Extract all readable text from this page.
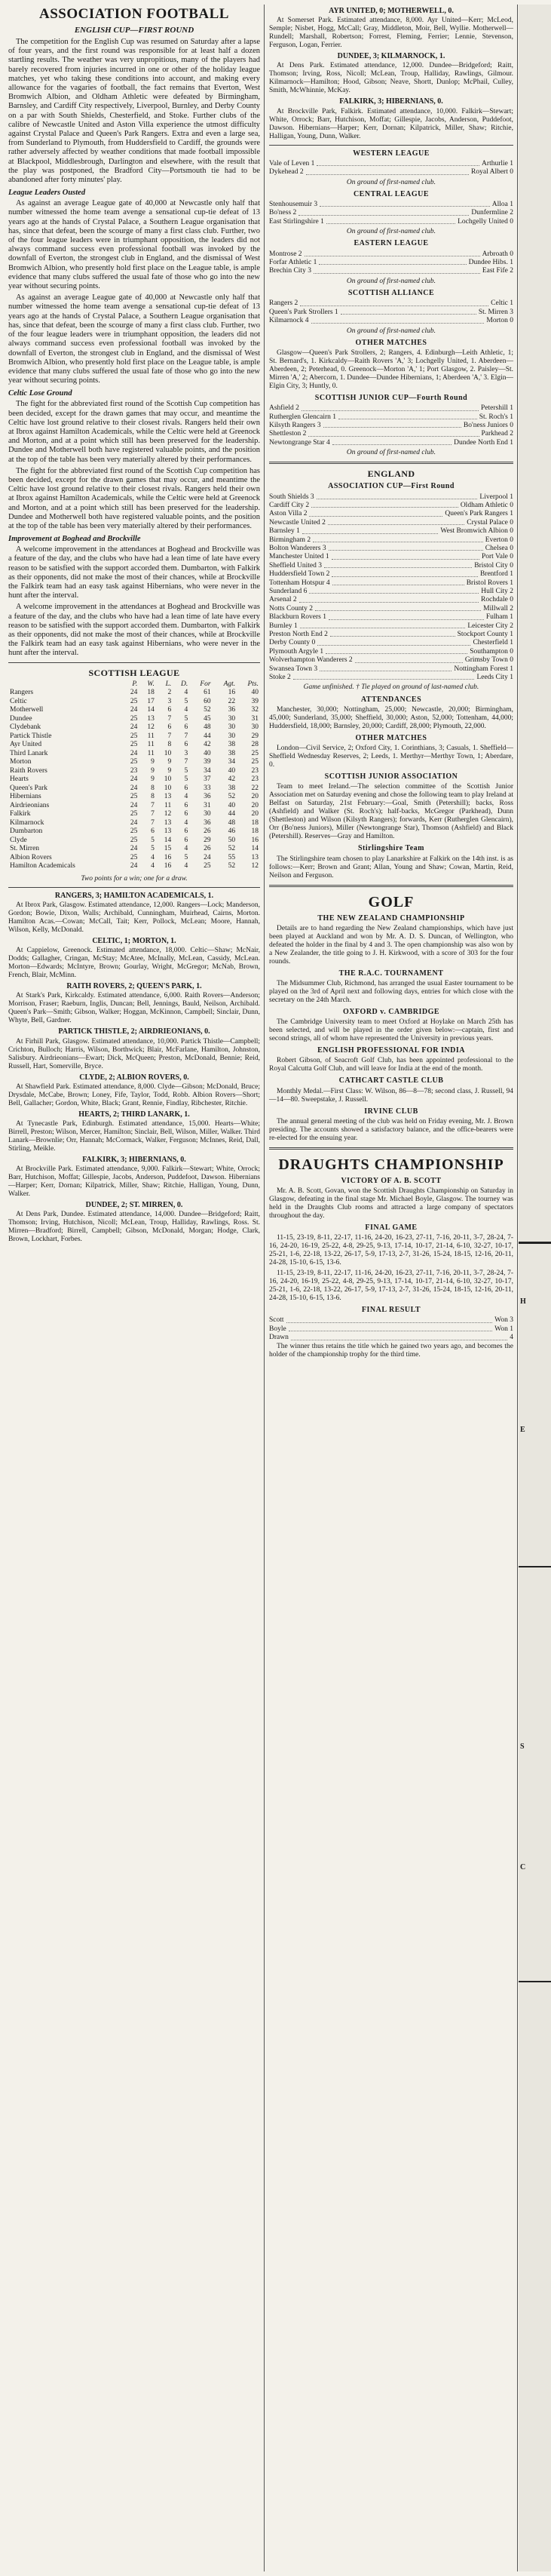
ASSOCIATION FOOTBALL
ENGLISH CUP—FIRST ROUND

The competition for the English Cup was resumed on Saturday after a lapse of four years, and the first round was responsible for at least half a dozen startling results. The weather was very unpropitious, many of the players had barely recovered from injuries incurred in one or other of the holiday league matches, yet who taking these conditions into account, and making every allowance for the vagaries of football, the fact remains that Everton, West Bromwich Albion, and Oldham Athletic were defeated by Birmingham, Barnsley, and Cardiff City respectively, Liverpool, Burnley, and Derby County on a par with South Shields, Chesterfield, and Stoke. Further clubs of the calibre of Newcastle United and Aston Villa experience the utmost difficulty against Crystal Palace and Queen's Park Rangers. Extra and even a large sea, from Sunderland to Plymouth, from Huddersfield to Cardiff, the grounds were rather adversely affected by weather conditions that made football impossible at Blackpool, Middlesbrough, Darlington and elsewhere, with the result that the play was postponed, the Bradford City—Portsmouth tie had to be abandoned after forty minutes' play.

League Leaders Ousted

As against an average League gate of 40,000 at Newcastle only half that number witnessed the home team avenge a sensational cup-tie defeat of 13 years ago at the hands of Crystal Palace, a Southern League organisation that has, since that defeat, been the scourge of many a first class club. Further, two of the four league leaders were in triumphant opposition, the leaders did not always command success even professional football was invoked by the downfall of Everton, the strongest club in England, and the dismissal of West Bromwich Albion, who presently hold first place on the League table, is ample evidence that many clubs suffered the usual fate of those who go into the new year without securing points.

As against an average League gate of 40,000 at Newcastle only half that number witnessed the home team avenge a sensational cup-tie defeat of 13 years ago at the hands of Crystal Palace, a Southern League organisation that has, since that defeat, been the scourge of many a first class club. Further, two of the four league leaders were in triumphant opposition, the leaders did not always command success even professional football was invoked by the downfall of Everton, the strongest club in England, and the dismissal of West Bromwich Albion, who presently hold first place on the League table, is ample evidence that many clubs suffered the usual fate of those who go into the new year without securing points.

Celtic Lose Ground

The fight for the abbreviated first round of the Scottish Cup competition has been decided, except for the drawn games that may occur, and meantime the Celtic have lost ground relative to their closest rivals. Rangers held their own at Ibrox against Hamilton Academicals, while the Celtic were held at Greenock and Morton, and at a point which still has been preserved for the leadership. Dundee and Motherwell both have registered valuable points, and the position at the top of the table has been very materially altered by their performances.

The fight for the abbreviated first round of the Scottish Cup competition has been decided, except for the drawn games that may occur, and meantime the Celtic have lost ground relative to their closest rivals. Rangers held their own at Ibrox against Hamilton Academicals, while the Celtic were held at Greenock and Morton, and at a point which still has been preserved for the leadership. Dundee and Motherwell both have registered valuable points, and the position at the top of the table has been very materially altered by their performances.

Improvement at Boghead and Brockville

A welcome improvement in the attendances at Boghead and Brockville was a feature of the day, and the clubs who have had a lean time of late have every reason to be satisfied with the support accorded them. Dumbarton, with Falkirk as their opponents, did not make the most of their chances, while at Brockville the Falkirk team had an easy task against Hibernians, who were never in the hunt after the interval.

A welcome improvement in the attendances at Boghead and Brockville was a feature of the day, and the clubs who have had a lean time of late have every reason to be satisfied with the support accorded them. Dumbarton, with Falkirk as their opponents, did not make the most of their chances, while at Brockville the Falkirk team had an easy task against Hibernians, who were never in the hunt after the interval.

SCOTTISH LEAGUE
	P.	W.	L.	D.	For	Agt.	Pts.
Rangers	24	18	2	4	61	16	40
Celtic	25	17	3	5	60	22	39
Motherwell	24	14	6	4	52	36	32
Dundee	25	13	7	5	45	30	31
Clydebank	24	12	6	6	48	30	30
Partick Thistle	25	11	7	7	44	30	29
Ayr United	25	11	8	6	42	38	28
Third Lanark	24	11	10	3	40	38	25
Morton	25	9	9	7	39	34	25
Raith Rovers	23	9	9	5	34	40	23
Hearts	24	9	10	5	37	42	23
Queen's Park	24	8	10	6	33	38	22
Hibernians	25	8	13	4	36	52	20
Airdrieonians	24	7	11	6	31	40	20
Falkirk	25	7	12	6	30	44	20
Kilmarnock	24	7	13	4	36	48	18
Dumbarton	25	6	13	6	26	46	18
Clyde	25	5	14	6	29	50	16
St. Mirren	24	5	15	4	26	52	14
Albion Rovers	25	4	16	5	24	55	13
Hamilton Academicals	24	4	16	4	25	52	12
Two points for a win; one for a draw.
RANGERS, 3; HAMILTON ACADEMICALS, 1.

At Ibrox Park, Glasgow. Estimated attendance, 12,000. Rangers—Lock; Manderson, Gordon; Bowie, Dixon, Walls; Archibald, Cunningham, Muirhead, Cairns, Morton. Hamilton Acas.—Cowan; McCall, Tait; Kerr, Pollock, McLean; Moore, Hannah, Wilson, Kelly, McDonald.

CELTIC, 1; MORTON, 1.

At Cappielow, Greenock. Estimated attendance, 18,000. Celtic—Shaw; McNair, Dodds; Gallagher, Cringan, McStay; McAtee, McInally, McLean, Cassidy, McLean. Morton—Edwards; McIntyre, Brown; Gourlay, Wright, McGregor; McNab, Brown, French, Blair, McMinn.

RAITH ROVERS, 2; QUEEN'S PARK, 1.

At Stark's Park, Kirkcaldy. Estimated attendance, 6,000. Raith Rovers—Anderson; Morrison, Fraser; Raeburn, Inglis, Duncan; Bell, Jennings, Bauld, Neilson, Archibald. Queen's Park—Smith; Gibson, Walker; Hoggan, McKinnon, Campbell; Sinclair, Dunn, Whyte, Bell, Gardner.

PARTICK THISTLE, 2; AIRDRIEONIANS, 0.

At Firhill Park, Glasgow. Estimated attendance, 10,000. Partick Thistle—Campbell; Crichton, Bulloch; Harris, Wilson, Borthwick; Blair, McFarlane, Hamilton, Johnston, Salisbury. Airdrieonians—Ewart; Dick, McQueen; Preston, McDonald, Bennie; Reid, Russell, Hart, Somerville, Bryce.

CLYDE, 2; ALBION ROVERS, 0.

At Shawfield Park. Estimated attendance, 8,000. Clyde—Gibson; McDonald, Bruce; Drysdale, McCabe, Brown; Loney, Fife, Taylor, Todd, Robb. Albion Rovers—Short; Bell, Gallacher; Gordon, White, Black; Grant, Rennie, Findlay, Ribchester, Ritchie.

HEARTS, 2; THIRD LANARK, 1.

At Tynecastle Park, Edinburgh. Estimated attendance, 15,000. Hearts—White; Birrell, Preston; Wilson, Mercer, Hamilton; Sinclair, Bell, Wilson, Miller, Walker. Third Lanark—Brownlie; Orr, Hannah; McCormack, Walker, Ferguson; McInnes, Reid, Dall, Stirling, Meikle.

FALKIRK, 3; HIBERNIANS, 0.

At Brockville Park. Estimated attendance, 9,000. Falkirk—Stewart; White, Orrock; Barr, Hutchison, Moffat; Gillespie, Jacobs, Anderson, Puddefoot, Dawson. Hibernians—Harper; Kerr, Dornan; Kilpatrick, Miller, Shaw; Ritchie, Halligan, Young, Dunn, Walker.

DUNDEE, 2; ST. MIRREN, 0.

At Dens Park, Dundee. Estimated attendance, 14,000. Dundee—Bridgeford; Raitt, Thomson; Irving, Hutchison, Nicoll; McLean, Troup, Halliday, Rawlings, Ross. St. Mirren—Bradford; Birrell, Campbell; Gibson, McDonald, Morgan; Hodge, Clark, Brown, Lockhart, Forbes.

AYR UNITED, 0; MOTHERWELL, 0.

At Somerset Park. Estimated attendance, 8,000. Ayr United—Kerr; McLeod, Semple; Nisbet, Hogg, McCall; Gray, Middleton, Moir, Bell, Wyllie. Motherwell—Rundell; Marshall, Robertson; Forrest, Fleming, Ferrier; Lennie, Stevenson, Ferguson, Logan, Ferrier.

DUNDEE, 3; KILMARNOCK, 1.

At Dens Park. Estimated attendance, 12,000. Dundee—Bridgeford; Raitt, Thomson; Irving, Ross, Nicoll; McLean, Troup, Halliday, Rawlings, Gilmour. Kilmarnock—Hamilton; Hood, Gibson; Neave, Shortt, Dunlop; McPhail, Culley, Smith, McWhinnie, McKay.

FALKIRK, 3; HIBERNIANS, 0.

At Brockville Park, Falkirk. Estimated attendance, 10,000. Falkirk—Stewart; White, Orrock; Barr, Hutchison, Moffat; Gillespie, Jacobs, Anderson, Puddefoot, Dawson. Hibernians—Harper; Kerr, Dornan; Kilpatrick, Miller, Shaw; Ritchie, Halligan, Young, Dunn, Walker.

WESTERN LEAGUE
Vale of Leven 1	Arthurlie 1
Dykehead 2	Royal Albert 0
On ground of first-named club.
CENTRAL LEAGUE
Stenhousemuir 3	Alloa 1
Bo'ness 2	Dunfermline 2
East Stirlingshire 1	Lochgelly United 0
On ground of first-named club.
EASTERN LEAGUE
Montrose 2	Arbroath 0
Forfar Athletic 1	Dundee Hibs. 1
Brechin City 3	East Fife 2
On ground of first-named club.
SCOTTISH ALLIANCE
Rangers 2	Celtic 1
Queen's Park Strollers 1	St. Mirren 3
Kilmarnock 4	Morton 0
On ground of first-named club.
OTHER MATCHES

Glasgow—Queen's Park Strollers, 2; Rangers, 4. Edinburgh—Leith Athletic, 1; St. Bernard's, 1. Kirkcaldy—Raith Rovers 'A,' 3; Lochgelly United, 1. Aberdeen—Aberdeen, 2; Peterhead, 0. Greenock—Morton 'A,' 1; Port Glasgow, 2. Paisley—St. Mirren 'A,' 2; Abercorn, 1. Dundee—Dundee Hibernians, 1; Aberdeen 'A,' 3. Elgin—Elgin City, 3; Huntly, 0.

SCOTTISH JUNIOR CUP—Fourth Round
Ashfield 2	Petershill 1
Rutherglen Glencairn 1	St. Roch's 1
Kilsyth Rangers 3	Bo'ness Juniors 0
Shettleston 2	Parkhead 2
Newtongrange Star 4	Dundee North End 1
On ground of first-named club.
ENGLAND
ASSOCIATION CUP—First Round
South Shields 3	Liverpool 1
Cardiff City 2	Oldham Athletic 0
Aston Villa 2	Queen's Park Rangers 1
Newcastle United 2	Crystal Palace 0
Barnsley 1	West Bromwich Albion 0
Birmingham 2	Everton 0
Bolton Wanderers 3	Chelsea 0
Manchester United 1	Port Vale 0
Sheffield United 3	Bristol City 0
Huddersfield Town 2	Brentford 1
Tottenham Hotspur 4	Bristol Rovers 1
Sunderland 6	Hull City 2
Arsenal 2	Rochdale 0
Notts County 2	Millwall 2
Blackburn Rovers 1	Fulham 1
Burnley 1	Leicester City 2
Preston North End 2	Stockport County 1
Derby County 0	Chesterfield 1
Plymouth Argyle 1	Southampton 0
Wolverhampton Wanderers 2	Grimsby Town 0
Swansea Town 3	Nottingham Forest 1
Stoke 2	Leeds City 1
Game unfinished. † Tie played on ground of last-named club.
ATTENDANCES

Manchester, 30,000; Nottingham, 25,000; Newcastle, 20,000; Birmingham, 45,000; Sunderland, 35,000; Sheffield, 30,000; Aston, 52,000; Tottenham, 44,000; Huddersfield, 18,000; Barnsley, 20,000; Cardiff, 28,000; Plymouth, 22,000.

OTHER MATCHES

London—Civil Service, 2; Oxford City, 1. Corinthians, 3; Casuals, 1. Sheffield—Sheffield Wednesday Reserves, 2; Leeds, 1. Merthyr—Merthyr Town, 1; Aberdare, 0.

SCOTTISH JUNIOR ASSOCIATION

Team to meet Ireland.—The selection committee of the Scottish Junior Association met on Saturday evening and chose the following team to play Ireland at Belfast on Saturday, 21st February:—Goal, Smith (Petershill); backs, Ross (Ashfield) and Walker (St. Roch's); half-backs, McGregor (Parkhead), Dunn (Shettleston) and Wilson (Kilsyth Rangers); forwards, Kerr (Rutherglen Glencairn), Orr (Bo'ness Juniors), Miller (Newtongrange Star), Thomson (Ashfield) and Black (Petershill). Reserves—Gray and Hamilton.

Stirlingshire Team

The Stirlingshire team chosen to play Lanarkshire at Falkirk on the 14th inst. is as follows:—Kerr; Brown and Grant; Allan, Young and Shaw; Cowan, Martin, Reid, Neilson and Ferguson.

GOLF
THE NEW ZEALAND CHAMPIONSHIP

Details are to hand regarding the New Zealand championships, which have just been played at Auckland and won by Mr. A. D. S. Duncan, of Wellington, who defeated the holder in the final by 4 and 3. The open championship was also won by a New Zealander, the title going to J. H. Kirkwood, with a score of 303 for the four rounds.

THE R.A.C. TOURNAMENT

The Midsummer Club, Richmond, has arranged the usual Easter tournament to be played on the 3rd of April next and following days, entries for which close with the secretary on the 24th March.

OXFORD v. CAMBRIDGE

The Cambridge University team to meet Oxford at Hoylake on March 25th has been selected, and will be played in the order given below:—captain, first and second strings, all of whom have represented the University in previous years.

ENGLISH PROFESSIONAL FOR INDIA

Robert Gibson, of Seacroft Golf Club, has been appointed professional to the Royal Calcutta Golf Club, and will leave for India at the end of the month.

CATHCART CASTLE CLUB

Monthly Medal.—First Class: W. Wilson, 86—8—78; second class, J. Russell, 94—14—80. Sweepstake, J. Russell.

IRVINE CLUB

The annual general meeting of the club was held on Friday evening, Mr. J. Brown presiding. The accounts showed a satisfactory balance, and the office-bearers were re-elected for the ensuing year.

DRAUGHTS CHAMPIONSHIP
VICTORY OF A. B. SCOTT

Mr. A. B. Scott, Govan, won the Scottish Draughts Championship on Saturday in Glasgow, defeating in the final stage Mr. Michael Boyle, Glasgow. The tourney was held in the Draughts Club rooms and attracted a large company of spectators throughout the day.

FINAL GAME

11-15, 23-19, 8-11, 22-17, 11-16, 24-20, 16-23, 27-11, 7-16, 20-11, 3-7, 28-24, 7-16, 24-20, 16-19, 25-22, 4-8, 29-25, 9-13, 17-14, 10-17, 21-14, 6-10, 32-27, 10-17, 25-21, 1-6, 22-18, 13-22, 26-17, 5-9, 17-13, 2-7, 31-26, 15-24, 18-15, 12-16, 20-11, 24-28, 15-10, 6-15, 13-6.

11-15, 23-19, 8-11, 22-17, 11-16, 24-20, 16-23, 27-11, 7-16, 20-11, 3-7, 28-24, 7-16, 24-20, 16-19, 25-22, 4-8, 29-25, 9-13, 17-14, 10-17, 21-14, 6-10, 32-27, 10-17, 25-21, 1-6, 22-18, 13-22, 26-17, 5-9, 17-13, 2-7, 31-26, 15-24, 18-15, 12-16, 20-11, 24-28, 15-10, 6-15, 13-6.

FINAL RESULT
Scott	Won 3
Boyle	Won 1
Drawn	4

The winner thus retains the title which he gained two years ago, and becomes the holder of the championship trophy for the third time.

H
E
S
C
